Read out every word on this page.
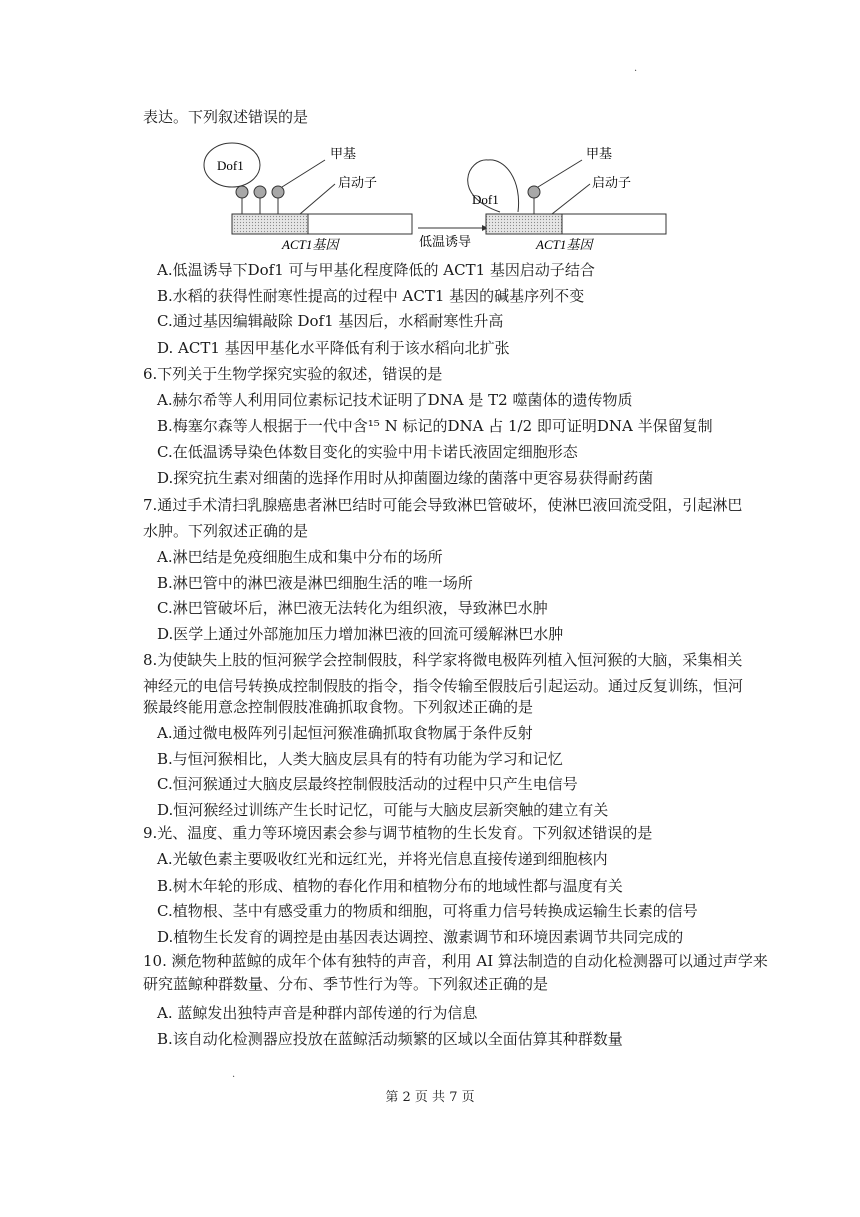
·
表达。下列叙述错误的是
Dof1
甲基
启动子
ACT1基因	低温诱导
Dof1
甲基
启动子
ACT1基因
A.低温诱导下Dof1 可与甲基化程度降低的 ACT1 基因启动子结合
B.水稻的获得性耐寒性提高的过程中 ACT1 基因的碱基序列不变
C.通过基因编辑敲除 Dof1 基因后，水稻耐寒性升高
D. ACT1 基因甲基化水平降低有利于该水稻向北扩张
6.下列关于生物学探究实验的叙述，错误的是
A.赫尔希等人利用同位素标记技术证明了DNA 是 T2 噬菌体的遗传物质
B.梅塞尔森等人根据于一代中含¹⁵ N 标记的DNA 占 1/2 即可证明DNA 半保留复制
C.在低温诱导染色体数目变化的实验中用卡诺氏液固定细胞形态
D.探究抗生素对细菌的选择作用时从抑菌圈边缘的菌落中更容易获得耐药菌
7.通过手术清扫乳腺癌患者淋巴结时可能会导致淋巴管破坏，使淋巴液回流受阻，引起淋巴
水肿。下列叙述正确的是
A.淋巴结是免疫细胞生成和集中分布的场所
B.淋巴管中的淋巴液是淋巴细胞生活的唯一场所
C.淋巴管破坏后，淋巴液无法转化为组织液，导致淋巴水肿
D.医学上通过外部施加压力增加淋巴液的回流可缓解淋巴水肿
8.为使缺失上肢的恒河猴学会控制假肢，科学家将微电极阵列植入恒河猴的大脑，采集相关
神经元的电信号转换成控制假肢的指令，指令传输至假肢后引起运动。通过反复训练，恒河
猴最终能用意念控制假肢准确抓取食物。下列叙述正确的是
A.通过微电极阵列引起恒河猴准确抓取食物属于条件反射
B.与恒河猴相比，人类大脑皮层具有的特有功能为学习和记忆
C.恒河猴通过大脑皮层最终控制假肢活动的过程中只产生电信号
D.恒河猴经过训练产生长时记忆，可能与大脑皮层新突触的建立有关
9.光、温度、重力等环境因素会参与调节植物的生长发育。下列叙述错误的是
A.光敏色素主要吸收红光和远红光，并将光信息直接传递到细胞核内
B.树木年轮的形成、植物的春化作用和植物分布的地域性都与温度有关
C.植物根、茎中有感受重力的物质和细胞，可将重力信号转换成运输生长素的信号
D.植物生长发育的调控是由基因表达调控、激素调节和环境因素调节共同完成的
10. 濒危物种蓝鲸的成年个体有独特的声音，利用 AI 算法制造的自动化检测器可以通过声学来
研究蓝鲸种群数量、分布、季节性行为等。下列叙述正确的是
A. 蓝鲸发出独特声音是种群内部传递的行为信息
B.该自动化检测器应投放在蓝鲸活动频繁的区域以全面估算其种群数量
·
第 2 页 共 7 页
